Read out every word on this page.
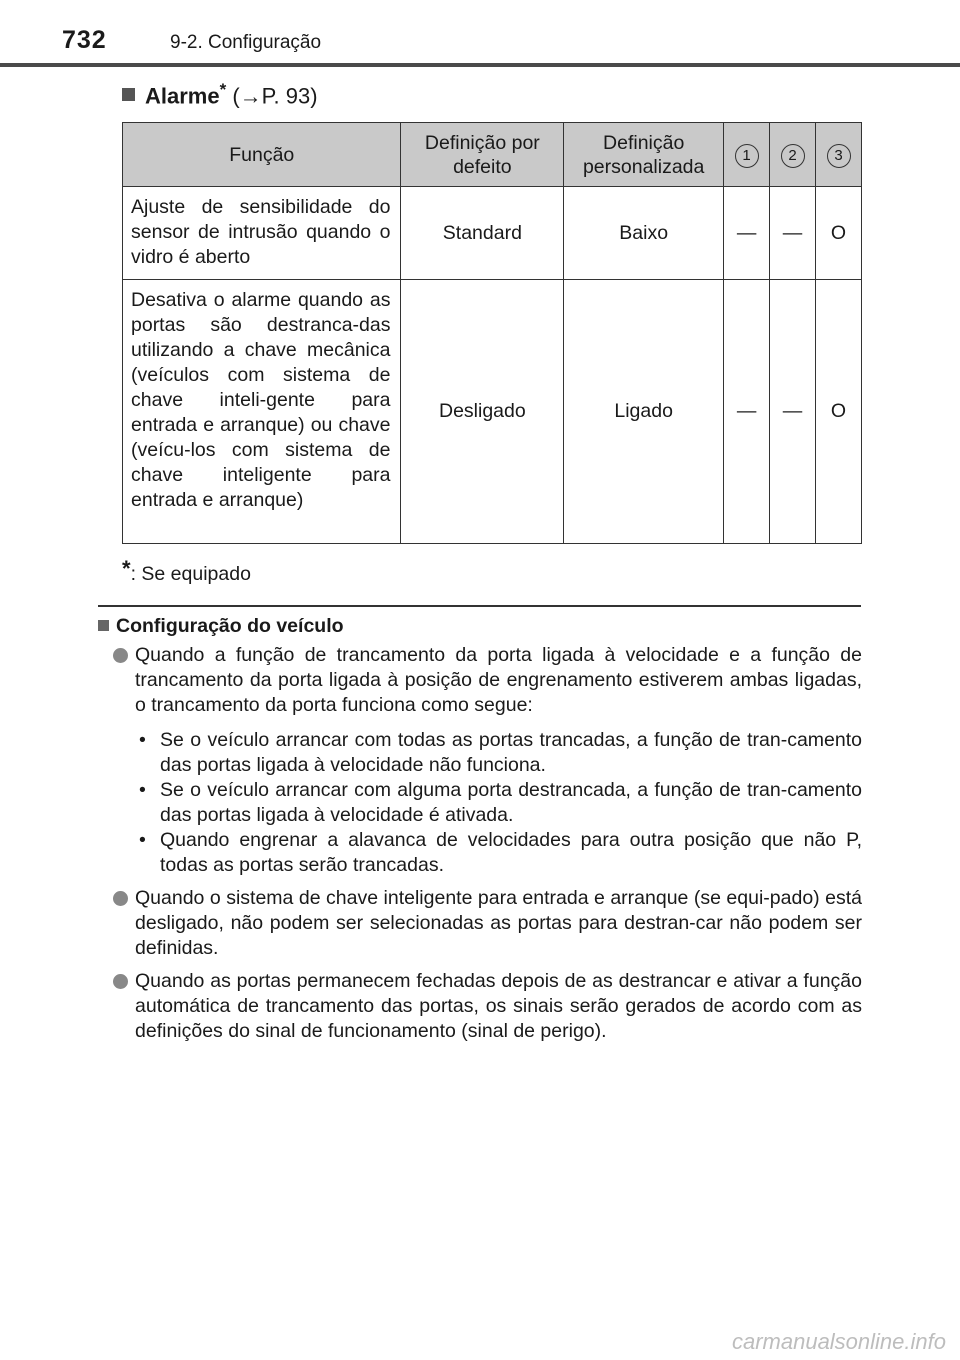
732	9-2. Configuração
Alarme* (→P. 93)
Função	Definição por defeito	Definição personalizada	1	2	3
Ajuste de sensibilidade do sensor de intrusão quando o vidro é aberto	Standard	Baixo	—	—	O
Desativa o alarme quando as portas são destranca-das utilizando a chave mecânica (veículos com sistema de chave inteli-gente para entrada e arranque) ou chave (veícu-los com sistema de chave inteligente para entrada e arranque)	Desligado	Ligado	—	—	O
*: Se equipado
Configuração do veículo
Quando a função de trancamento da porta ligada à velocidade e a função de trancamento da porta ligada à posição de engrenamento estiverem ambas ligadas, o trancamento da porta funciona como segue:
• Se o veículo arrancar com todas as portas trancadas, a função de tran-camento das portas ligada à velocidade não funciona.
• Se o veículo arrancar com alguma porta destrancada, a função de tran-camento das portas ligada à velocidade é ativada.
• Quando engrenar a alavanca de velocidades para outra posição que não P, todas as portas serão trancadas.
Quando o sistema de chave inteligente para entrada e arranque (se equi-pado) está desligado, não podem ser selecionadas as portas para destran-car não podem ser definidas.
Quando as portas permanecem fechadas depois de as destrancar e ativar a função automática de trancamento das portas, os sinais serão gerados de acordo com as definições do sinal de funcionamento (sinal de perigo).
carmanualsonline.info
